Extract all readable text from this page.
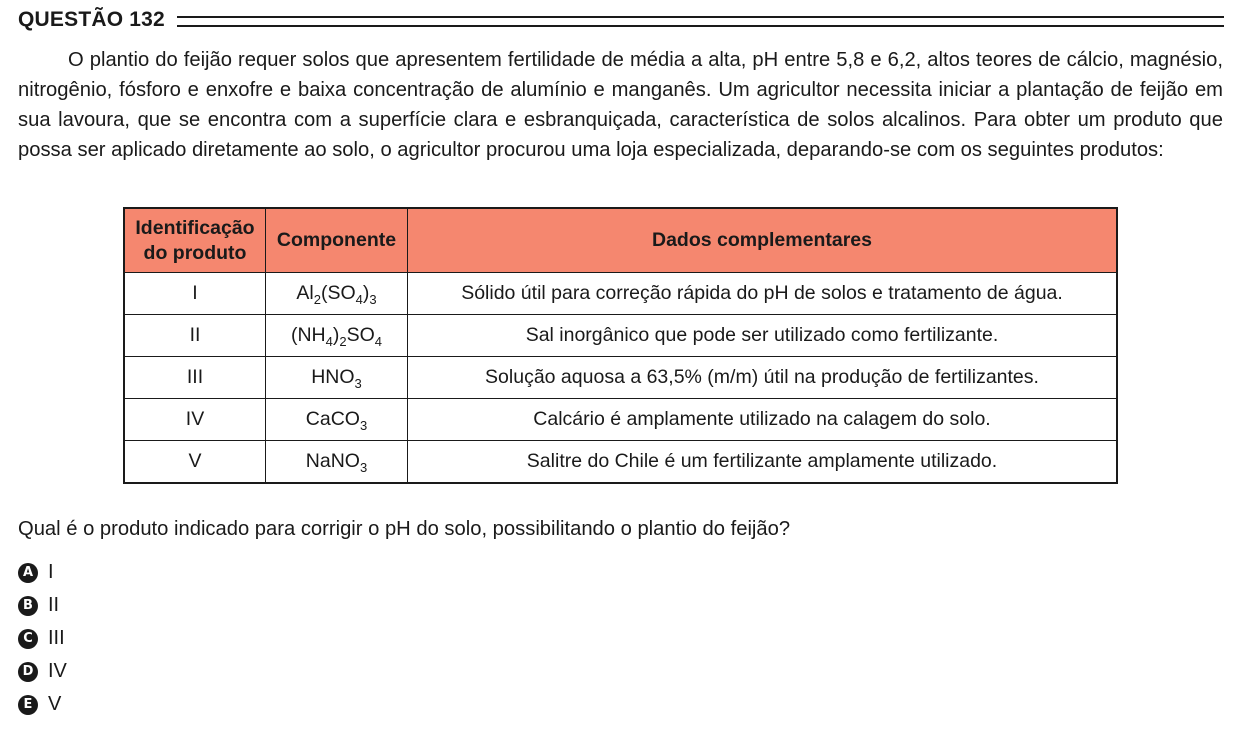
QUESTÃO 132

O plantio do feijão requer solos que apresentem fertilidade de média a alta, pH entre 5,8 e 6,2, altos teores de cálcio, magnésio, nitrogênio, fósforo e enxofre e baixa concentração de alumínio e manganês. Um agricultor necessita iniciar a plantação de feijão em sua lavoura, que se encontra com a superfície clara e esbranquiçada, característica de solos alcalinos. Para obter um produto que possa ser aplicado diretamente ao solo, o agricultor procurou uma loja especializada, deparando-se com os seguintes produtos:

Identificação do produto	Componente	Dados complementares
I	$Al_2(SO_4)_3$	Sólido útil para correção rápida do pH de solos e tratamento de água.
II	$(NH_4)_2SO_4$	Sal inorgânico que pode ser utilizado como fertilizante.
III	$HNO_3$	Solução aquosa a 63,5% (m/m) útil na produção de fertilizantes.
IV	CaCO$_3$	Calcário é amplamente utilizado na calagem do solo.
V	NaNO$_3$	Salitre do Chile é um fertilizante amplamente utilizado.

Qual é o produto indicado para corrigir o pH do solo, possibilitando o plantio do feijão?

A I
B II
C III
D IV
E V
